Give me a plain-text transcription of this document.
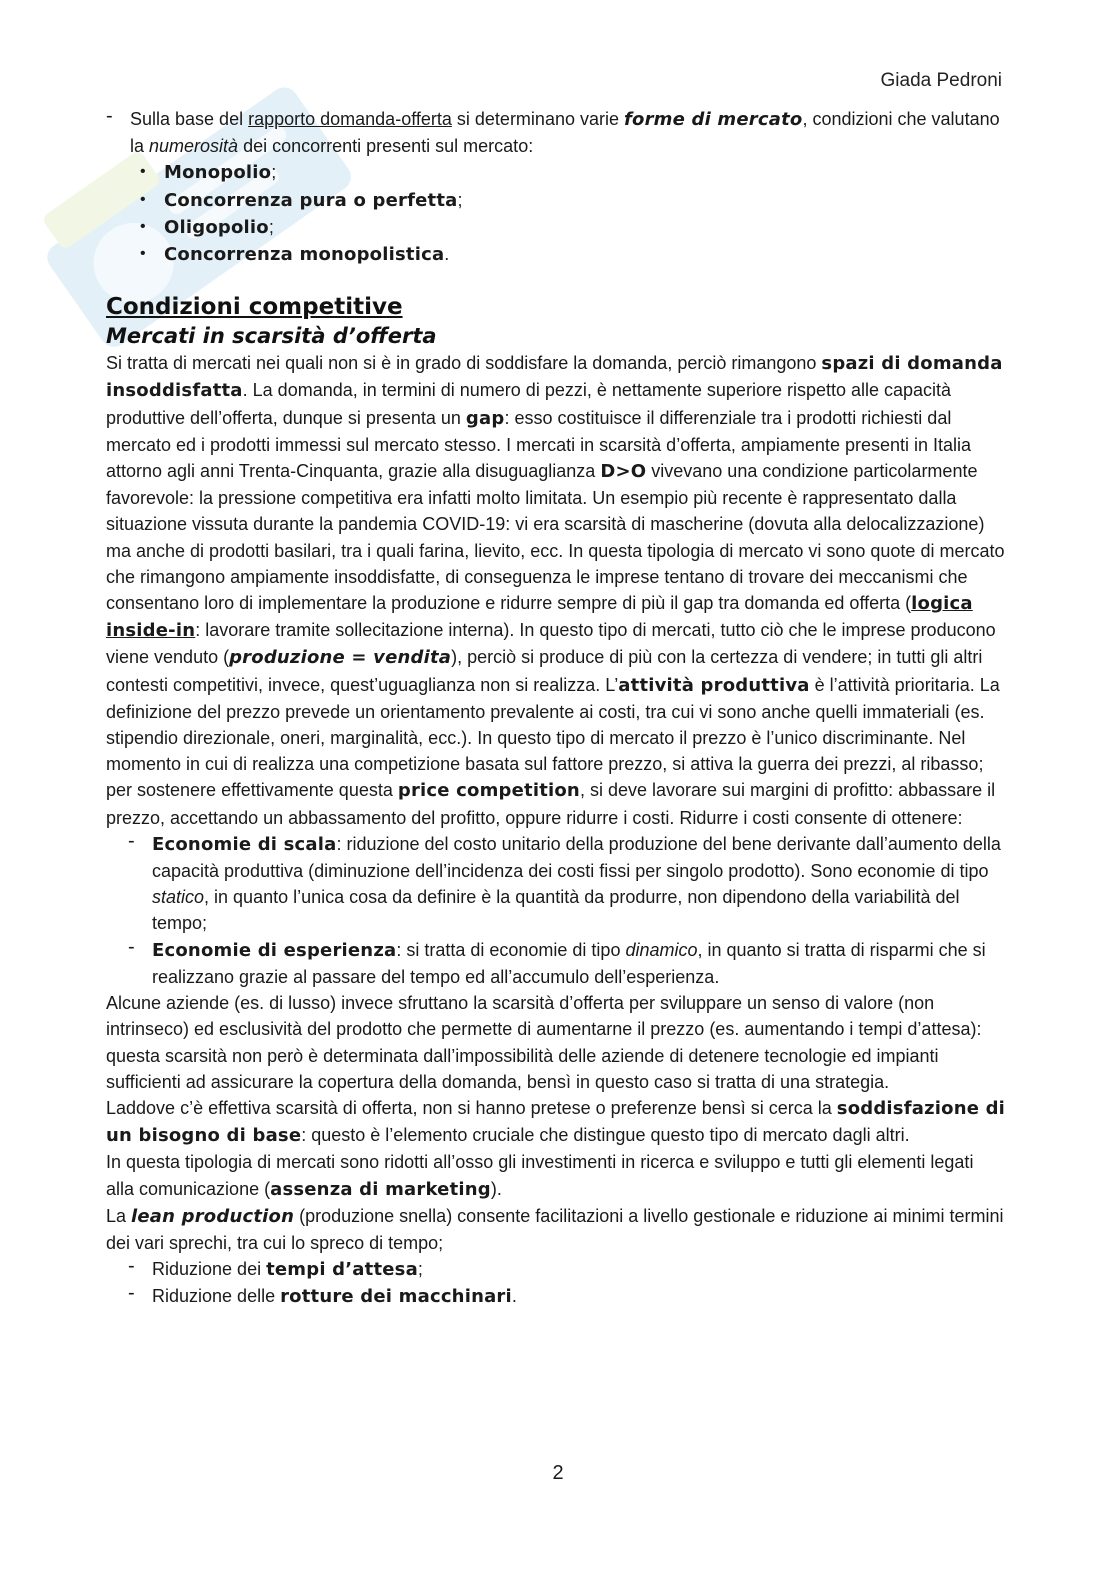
Giada Pedroni
- Sulla base del rapporto domanda-offerta si determinano varie forme di mercato, condizioni che valutano la numerosità dei concorrenti presenti sul mercato:
• Monopolio;
• Concorrenza pura o perfetta;
• Oligopolio;
• Concorrenza monopolistica.
Condizioni competitive
Mercati in scarsità d’offerta

Si tratta di mercati nei quali non si è in grado di soddisfare la domanda, perciò rimangono spazi di domanda insoddisfatta. La domanda, in termini di numero di pezzi, è nettamente superiore rispetto alle capacità produttive dell’offerta, dunque si presenta un gap: esso costituisce il differenziale tra i prodotti richiesti dal mercato ed i prodotti immessi sul mercato stesso. I mercati in scarsità d’offerta, ampiamente presenti in Italia attorno agli anni Trenta-Cinquanta, grazie alla disuguaglianza D>O vivevano una condizione particolarmente favorevole: la pressione competitiva era infatti molto limitata. Un esempio più recente è rappresentato dalla situazione vissuta durante la pandemia COVID-19: vi era scarsità di mascherine (dovuta alla delocalizzazione) ma anche di prodotti basilari, tra i quali farina, lievito, ecc. In questa tipologia di mercato vi sono quote di mercato che rimangono ampiamente insoddisfatte, di conseguenza le imprese tentano di trovare dei meccanismi che consentano loro di implementare la produzione e ridurre sempre di più il gap tra domanda ed offerta (logica inside-in: lavorare tramite sollecitazione interna). In questo tipo di mercati, tutto ciò che le imprese producono viene venduto (produzione = vendita), perciò si produce di più con la certezza di vendere; in tutti gli altri contesti competitivi, invece, quest’uguaglianza non si realizza. L’attività produttiva è l’attività prioritaria. La definizione del prezzo prevede un orientamento prevalente ai costi, tra cui vi sono anche quelli immateriali (es. stipendio direzionale, oneri, marginalità, ecc.). In questo tipo di mercato il prezzo è l’unico discriminante. Nel momento in cui di realizza una competizione basata sul fattore prezzo, si attiva la guerra dei prezzi, al ribasso; per sostenere effettivamente questa price competition, si deve lavorare sui margini di profitto: abbassare il prezzo, accettando un abbassamento del profitto, oppure ridurre i costi. Ridurre i costi consente di ottenere:

- Economie di scala: riduzione del costo unitario della produzione del bene derivante dall’aumento della capacità produttiva (diminuzione dell’incidenza dei costi fissi per singolo prodotto). Sono economie di tipo statico, in quanto l’unica cosa da definire è la quantità da produrre, non dipendono della variabilità del tempo;
- Economie di esperienza: si tratta di economie di tipo dinamico, in quanto si tratta di risparmi che si realizzano grazie al passare del tempo ed all’accumulo dell’esperienza.

Alcune aziende (es. di lusso) invece sfruttano la scarsità d’offerta per sviluppare un senso di valore (non intrinseco) ed esclusività del prodotto che permette di aumentarne il prezzo (es. aumentando i tempi d’attesa): questa scarsità non però è determinata dall’impossibilità delle aziende di detenere tecnologie ed impianti sufficienti ad assicurare la copertura della domanda, bensì in questo caso si tratta di una strategia.

Laddove c’è effettiva scarsità di offerta, non si hanno pretese o preferenze bensì si cerca la soddisfazione di un bisogno di base: questo è l’elemento cruciale che distingue questo tipo di mercato dagli altri.

In questa tipologia di mercati sono ridotti all’osso gli investimenti in ricerca e sviluppo e tutti gli elementi legati alla comunicazione (assenza di marketing).

La lean production (produzione snella) consente facilitazioni a livello gestionale e riduzione ai minimi termini dei vari sprechi, tra cui lo spreco di tempo;

- Riduzione dei tempi d’attesa;
- Riduzione delle rotture dei macchinari.
2
